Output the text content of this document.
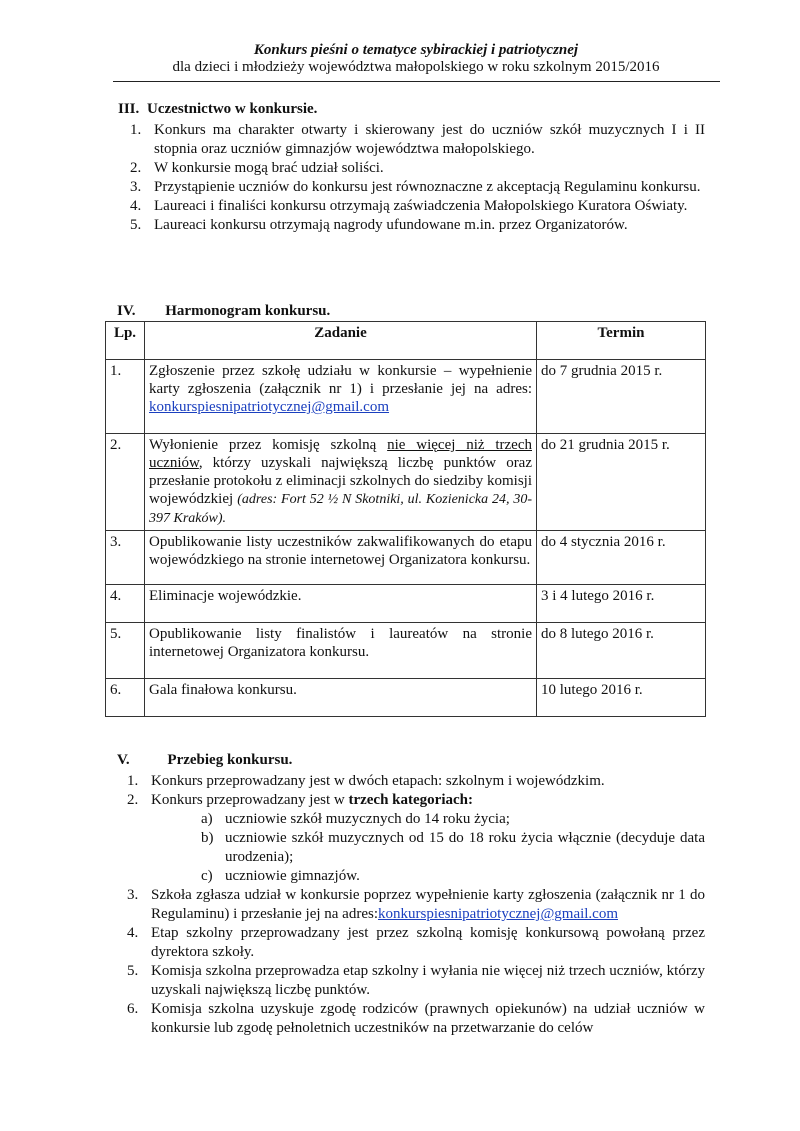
Konkurs pieśni o tematyce sybirackiej i patriotycznej
dla dzieci i młodzieży województwa małopolskiego w roku szkolnym 2015/2016
III. Uczestnictwo w konkursie.
1. Konkurs ma charakter otwarty i skierowany jest do uczniów szkół muzycznych I i II stopnia oraz uczniów gimnazjów województwa małopolskiego.
2. W konkursie mogą brać udział soliści.
3. Przystąpienie uczniów do konkursu jest równoznaczne z akceptacją Regulaminu konkursu.
4. Laureaci i finaliści konkursu otrzymają zaświadczenia Małopolskiego Kuratora Oświaty.
5. Laureaci konkursu otrzymają nagrody ufundowane m.in. przez Organizatorów.
IV. Harmonogram konkursu.
Lp.	Zadanie	Termin
1.	Zgłoszenie przez szkołę udziału w konkursie – wypełnienie karty zgłoszenia (załącznik nr 1) i przesłanie jej na adres: konkurspiesnipatriotycznej@gmail.com	do 7 grudnia 2015 r.
2.	Wyłonienie przez komisję szkolną nie więcej niż trzech uczniów, którzy uzyskali największą liczbę punktów oraz przesłanie protokołu z eliminacji szkolnych do siedziby komisji wojewódzkiej (adres: Fort 52 ½ N Skotniki, ul. Kozienicka 24, 30-397 Kraków).	do 21 grudnia 2015 r.
3.	Opublikowanie listy uczestników zakwalifikowanych do etapu wojewódzkiego na stronie internetowej Organizatora konkursu.	do 4 stycznia 2016 r.
4.	Eliminacje wojewódzkie.	3 i 4 lutego 2016 r.
5.	Opublikowanie listy finalistów i laureatów na stronie internetowej Organizatora konkursu.	do 8 lutego 2016 r.
6.	Gala finałowa konkursu.	10 lutego 2016 r.
V.	Przebieg konkursu.
1. Konkurs przeprowadzany jest w dwóch etapach: szkolnym i wojewódzkim.
2. Konkurs przeprowadzany jest w trzech kategoriach:
a) uczniowie szkół muzycznych do 14 roku życia;
b) uczniowie szkół muzycznych od 15 do 18 roku życia włącznie (decyduje data urodzenia);
c) uczniowie gimnazjów.
3. Szkoła zgłasza udział w konkursie poprzez wypełnienie karty zgłoszenia (załącznik nr 1 do Regulaminu) i przesłanie jej na adres:konkurspiesnipatriotycznej@gmail.com
4. Etap szkolny przeprowadzany jest przez szkolną komisję konkursową powołaną przez dyrektora szkoły.
5. Komisja szkolna przeprowadza etap szkolny i wyłania nie więcej niż trzech uczniów, którzy uzyskali największą liczbę punktów.
6. Komisja szkolna uzyskuje zgodę rodziców (prawnych opiekunów) na udział uczniów w konkursie lub zgodę pełnoletnich uczestników na przetwarzanie do celów
